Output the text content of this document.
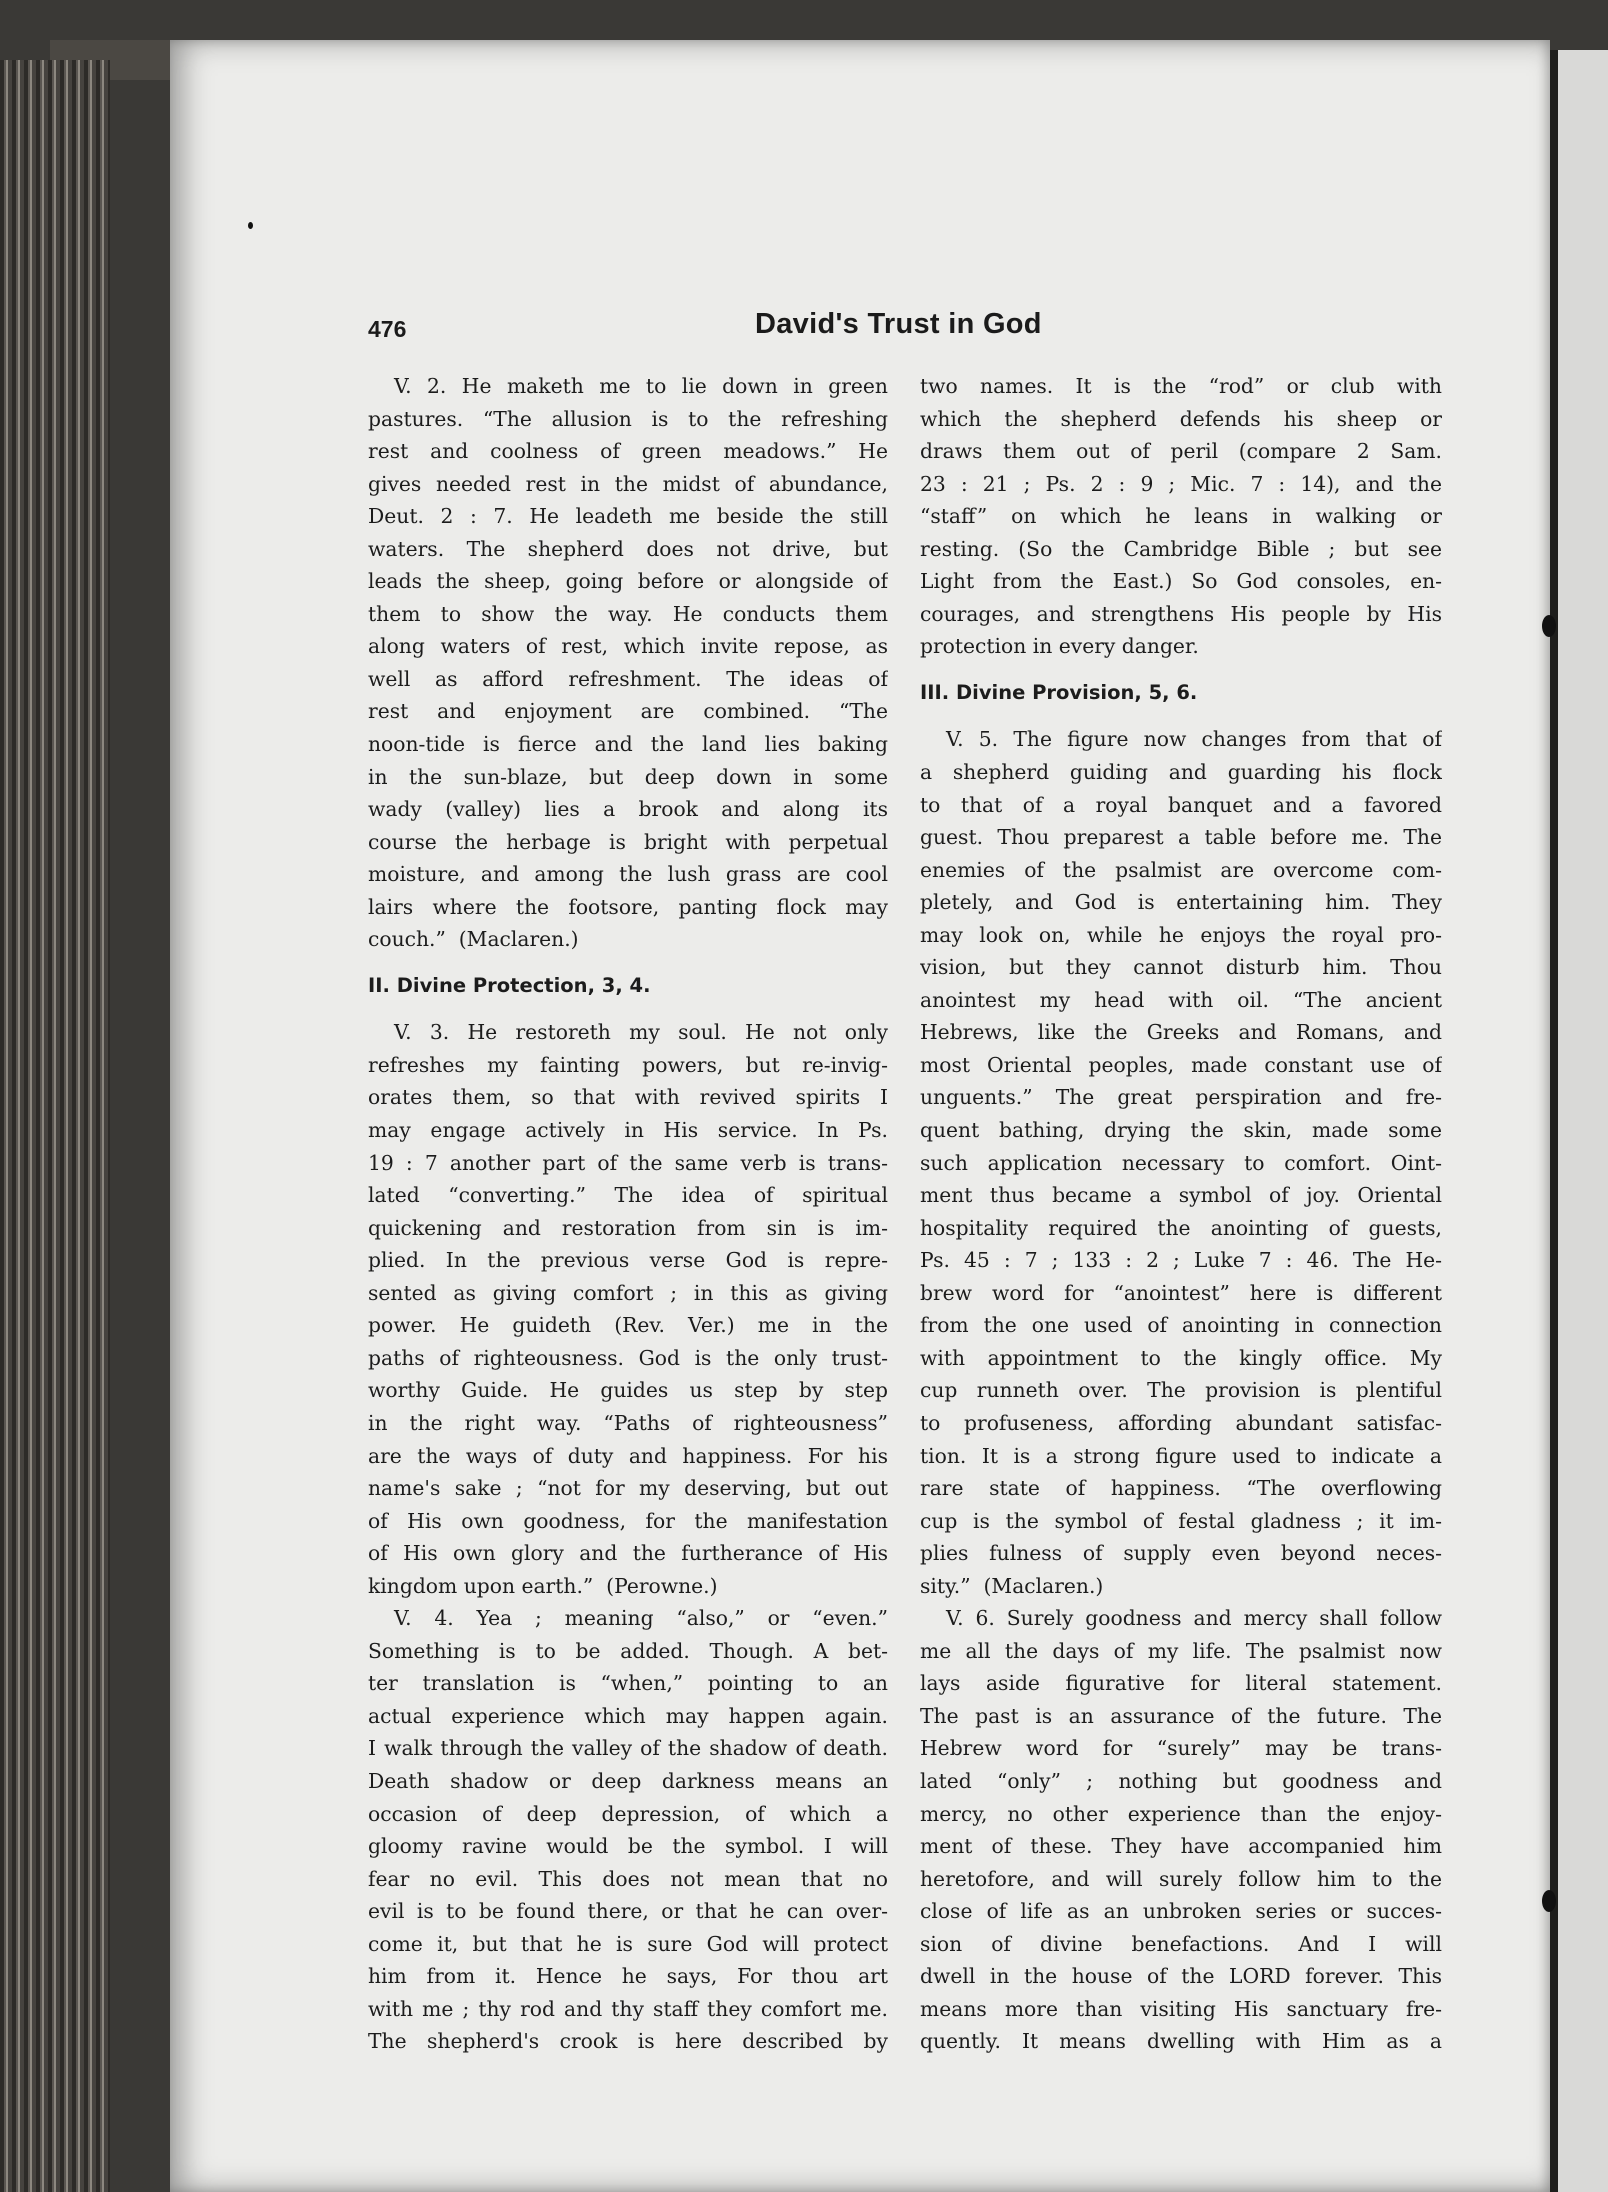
476	David's Trust in God
V. 2. He maketh me to lie down in green
pastures. “The allusion is to the refreshing
rest and coolness of green meadows.” He
gives needed rest in the midst of abundance,
Deut. 2 : 7. He leadeth me beside the still
waters. The shepherd does not drive, but
leads the sheep, going before or alongside of
them to show the way. He conducts them
along waters of rest, which invite repose, as
well as afford refreshment. The ideas of
rest and enjoyment are combined. “The
noon-tide is fierce and the land lies baking
in the sun-blaze, but deep down in some
wady (valley) lies a brook and along its
course the herbage is bright with perpetual
moisture, and among the lush grass are cool
lairs where the footsore, panting flock may
couch.”  (Maclaren.)
II. Divine Protection, 3, 4.
V. 3. He restoreth my soul. He not only
refreshes my fainting powers, but re-invig-
orates them, so that with revived spirits I
may engage actively in His service. In Ps.
19 : 7 another part of the same verb is trans-
lated “converting.” The idea of spiritual
quickening and restoration from sin is im-
plied. In the previous verse God is repre-
sented as giving comfort ; in this as giving
power. He guideth (Rev. Ver.) me in the
paths of righteousness. God is the only trust-
worthy Guide. He guides us step by step
in the right way. “Paths of righteousness”
are the ways of duty and happiness. For his
name's sake ; “not for my deserving, but out
of His own goodness, for the manifestation
of His own glory and the furtherance of His
kingdom upon earth.”  (Perowne.)
V. 4. Yea ; meaning “also,” or “even.”
Something is to be added. Though. A bet-
ter translation is “when,” pointing to an
actual experience which may happen again.
I walk through the valley of the shadow of death.
Death shadow or deep darkness means an
occasion of deep depression, of which a
gloomy ravine would be the symbol. I will
fear no evil. This does not mean that no
evil is to be found there, or that he can over-
come it, but that he is sure God will protect
him from it. Hence he says, For thou art
with me ; thy rod and thy staff they comfort me.
The shepherd's crook is here described by
two names. It is the “rod” or club with
which the shepherd defends his sheep or
draws them out of peril (compare 2 Sam.
23 : 21 ; Ps. 2 : 9 ; Mic. 7 : 14), and the
“staff” on which he leans in walking or
resting. (So the Cambridge Bible ; but see
Light from the East.) So God consoles, en-
courages, and strengthens His people by His
protection in every danger.
III. Divine Provision, 5, 6.
V. 5. The figure now changes from that of
a shepherd guiding and guarding his flock
to that of a royal banquet and a favored
guest. Thou preparest a table before me. The
enemies of the psalmist are overcome com-
pletely, and God is entertaining him. They
may look on, while he enjoys the royal pro-
vision, but they cannot disturb him. Thou
anointest my head with oil. “The ancient
Hebrews, like the Greeks and Romans, and
most Oriental peoples, made constant use of
unguents.” The great perspiration and fre-
quent bathing, drying the skin, made some
such application necessary to comfort. Oint-
ment thus became a symbol of joy. Oriental
hospitality required the anointing of guests,
Ps. 45 : 7 ; 133 : 2 ; Luke 7 : 46. The He-
brew word for “anointest” here is different
from the one used of anointing in connection
with appointment to the kingly office. My
cup runneth over. The provision is plentiful
to profuseness, affording abundant satisfac-
tion. It is a strong figure used to indicate a
rare state of happiness. “The overflowing
cup is the symbol of festal gladness ; it im-
plies fulness of supply even beyond neces-
sity.”  (Maclaren.)
V. 6. Surely goodness and mercy shall follow
me all the days of my life. The psalmist now
lays aside figurative for literal statement.
The past is an assurance of the future. The
Hebrew word for “surely” may be trans-
lated “only” ; nothing but goodness and
mercy, no other experience than the enjoy-
ment of these. They have accompanied him
heretofore, and will surely follow him to the
close of life as an unbroken series or succes-
sion of divine benefactions. And I will
dwell in the house of the LORD forever. This
means more than visiting His sanctuary fre-
quently. It means dwelling with Him as a
